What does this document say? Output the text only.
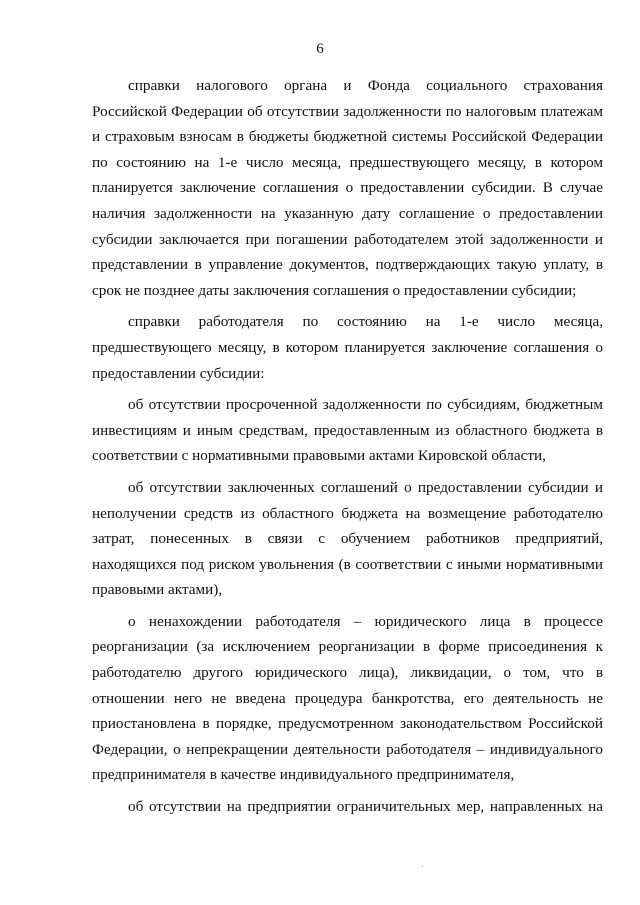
6

справки налогового органа и Фонда социального страхования Российской Федерации об отсутствии задолженности по налоговым платежам и страховым взносам в бюджеты бюджетной системы Российской Федерации по состоянию на 1-е число месяца, предшествующего месяцу, в котором планируется заключение соглашения о предоставлении субсидии. В случае наличия задолженности на указанную дату соглашение о предоставлении субсидии заключается при погашении работодателем этой задолженности и представлении в управление документов, подтверждающих такую уплату, в срок не позднее даты заключения соглашения о предоставлении субсидии;

справки работодателя по состоянию на 1-е число месяца, предшествующего месяцу, в котором планируется заключение соглашения о предоставлении субсидии:

об отсутствии просроченной задолженности по субсидиям, бюджетным инвестициям и иным средствам, предоставленным из областного бюджета в соответствии с нормативными правовыми актами Кировской области,

об отсутствии заключенных соглашений о предоставлении субсидии и неполучении средств из областного бюджета на возмещение работодателю затрат, понесенных в связи с обучением работников предприятий, находящихся под риском увольнения (в соответствии с иными нормативными правовыми актами),

о ненахождении работодателя – юридического лица в процессе реорганизации (за исключением реорганизации в форме присоединения к работодателю другого юридического лица), ликвидации, о том, что в отношении него не введена процедура банкротства, его деятельность не приостановлена в порядке, предусмотренном законодательством Российской Федерации, о непрекращении деятельности работодателя – индивидуального предпринимателя в качестве индивидуального предпринимателя,

об отсутствии на предприятии ограничительных мер, направленных на

·
